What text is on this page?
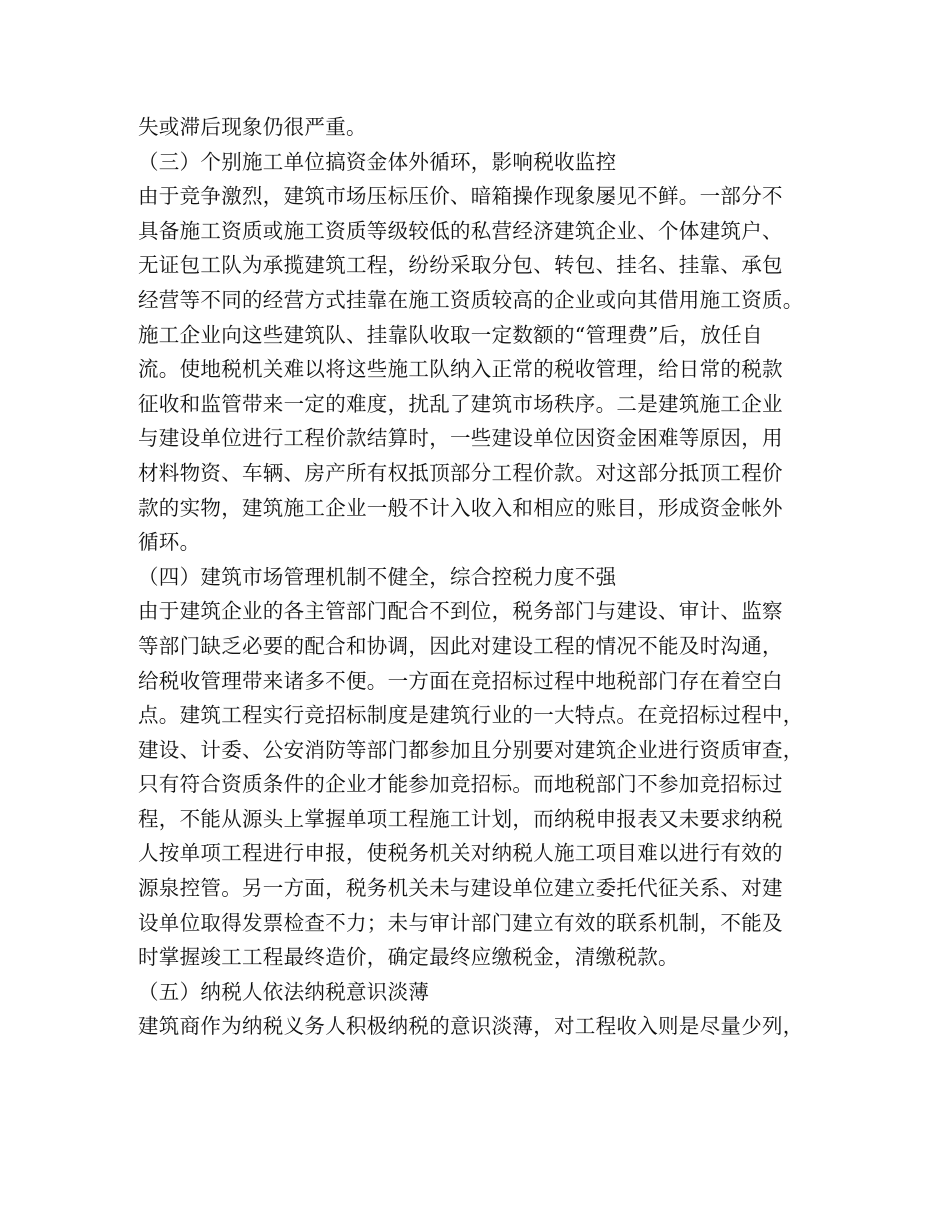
失或滞后现象仍很严重。
（三）个别施工单位搞资金体外循环，影响税收监控
由于竞争激烈，建筑市场压标压价、暗箱操作现象屡见不鲜。一部分不
具备施工资质或施工资质等级较低的私营经济建筑企业、个体建筑户、
无证包工队为承揽建筑工程，纷纷采取分包、转包、挂名、挂靠、承包
经营等不同的经营方式挂靠在施工资质较高的企业或向其借用施工资质。
施工企业向这些建筑队、挂靠队收取一定数额的“管理费”后，放任自
流。使地税机关难以将这些施工队纳入正常的税收管理，给日常的税款
征收和监管带来一定的难度，扰乱了建筑市场秩序。二是建筑施工企业
与建设单位进行工程价款结算时，一些建设单位因资金困难等原因，用
材料物资、车辆、房产所有权抵顶部分工程价款。对这部分抵顶工程价
款的实物，建筑施工企业一般不计入收入和相应的账目，形成资金帐外
循环。
（四）建筑市场管理机制不健全，综合控税力度不强
由于建筑企业的各主管部门配合不到位，税务部门与建设、审计、监察
等部门缺乏必要的配合和协调，因此对建设工程的情况不能及时沟通，
给税收管理带来诸多不便。一方面在竞招标过程中地税部门存在着空白
点。建筑工程实行竞招标制度是建筑行业的一大特点。在竞招标过程中，
建设、计委、公安消防等部门都参加且分别要对建筑企业进行资质审查，
只有符合资质条件的企业才能参加竞招标。而地税部门不参加竞招标过
程，不能从源头上掌握单项工程施工计划，而纳税申报表又未要求纳税
人按单项工程进行申报，使税务机关对纳税人施工项目难以进行有效的
源泉控管。另一方面，税务机关未与建设单位建立委托代征关系、对建
设单位取得发票检查不力；未与审计部门建立有效的联系机制，不能及
时掌握竣工工程最终造价，确定最终应缴税金，清缴税款。
（五）纳税人依法纳税意识淡薄
建筑商作为纳税义务人积极纳税的意识淡薄，对工程收入则是尽量少列，
